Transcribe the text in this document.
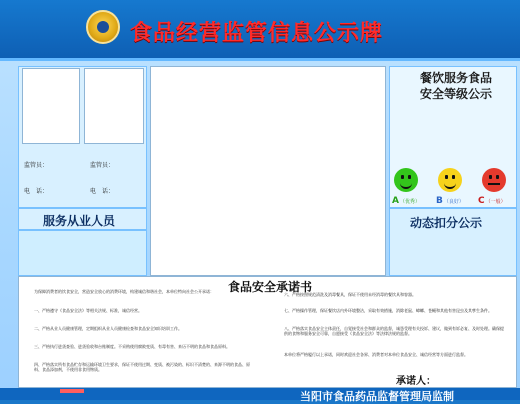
食品经营监管信息公示牌
监管员：	监管员：
电　话：	电　话：
服务从业人员
餐饮服务食品
安全等级公示
A（优秀） B（良好） C（一般）
动态扣分公示
食品安全承诺书
为保障消费者的饮食安全，营造安全放心的消费环境，构建诚信和谐社会，本单位特向社会公开承诺：
一、严格遵守《食品安全法》等相关法规、标准，诚信经营。
二、严格从业人员健康管理，定期组织从业人员健康检查和食品安全知识培训工作。
三、严格执行进货查验、进货验收和台账制度。不采购使用腐败变质、有毒有害、来历不明的食品和食品原料。
四、严格落实所有食品贮存和运输环境卫生要求，保证不使用过期、变质、被污染的、标识不清楚的、来源不明的食品、原料、食品添加剂，不使用非食用物质。
六、严格按照规范清洗及消毒餐具，保证不使用未经消毒的餐饮具和容器。
七、严格操作管理，保证餐饮店内外环境整洁，采取有效措施，消除老鼠、蟑螂、苍蝇和其他有害昆虫及其孳生条件。
八、严格落实食品安全主体责任，自觉接受社会和群众的监督，诚恳受理有关投诉、建议，做到有诉必复、及时处理。确保提供的食物和服务安全可靠，自愿接受《食品安全法》等法律法规的监督。
本单位将严格履行以上承诺，同时欢迎社会各界、消费者对本单位食品安全、诚信经营等方面进行监督。
承诺人：
当阳市食品药品监督管理局监制
